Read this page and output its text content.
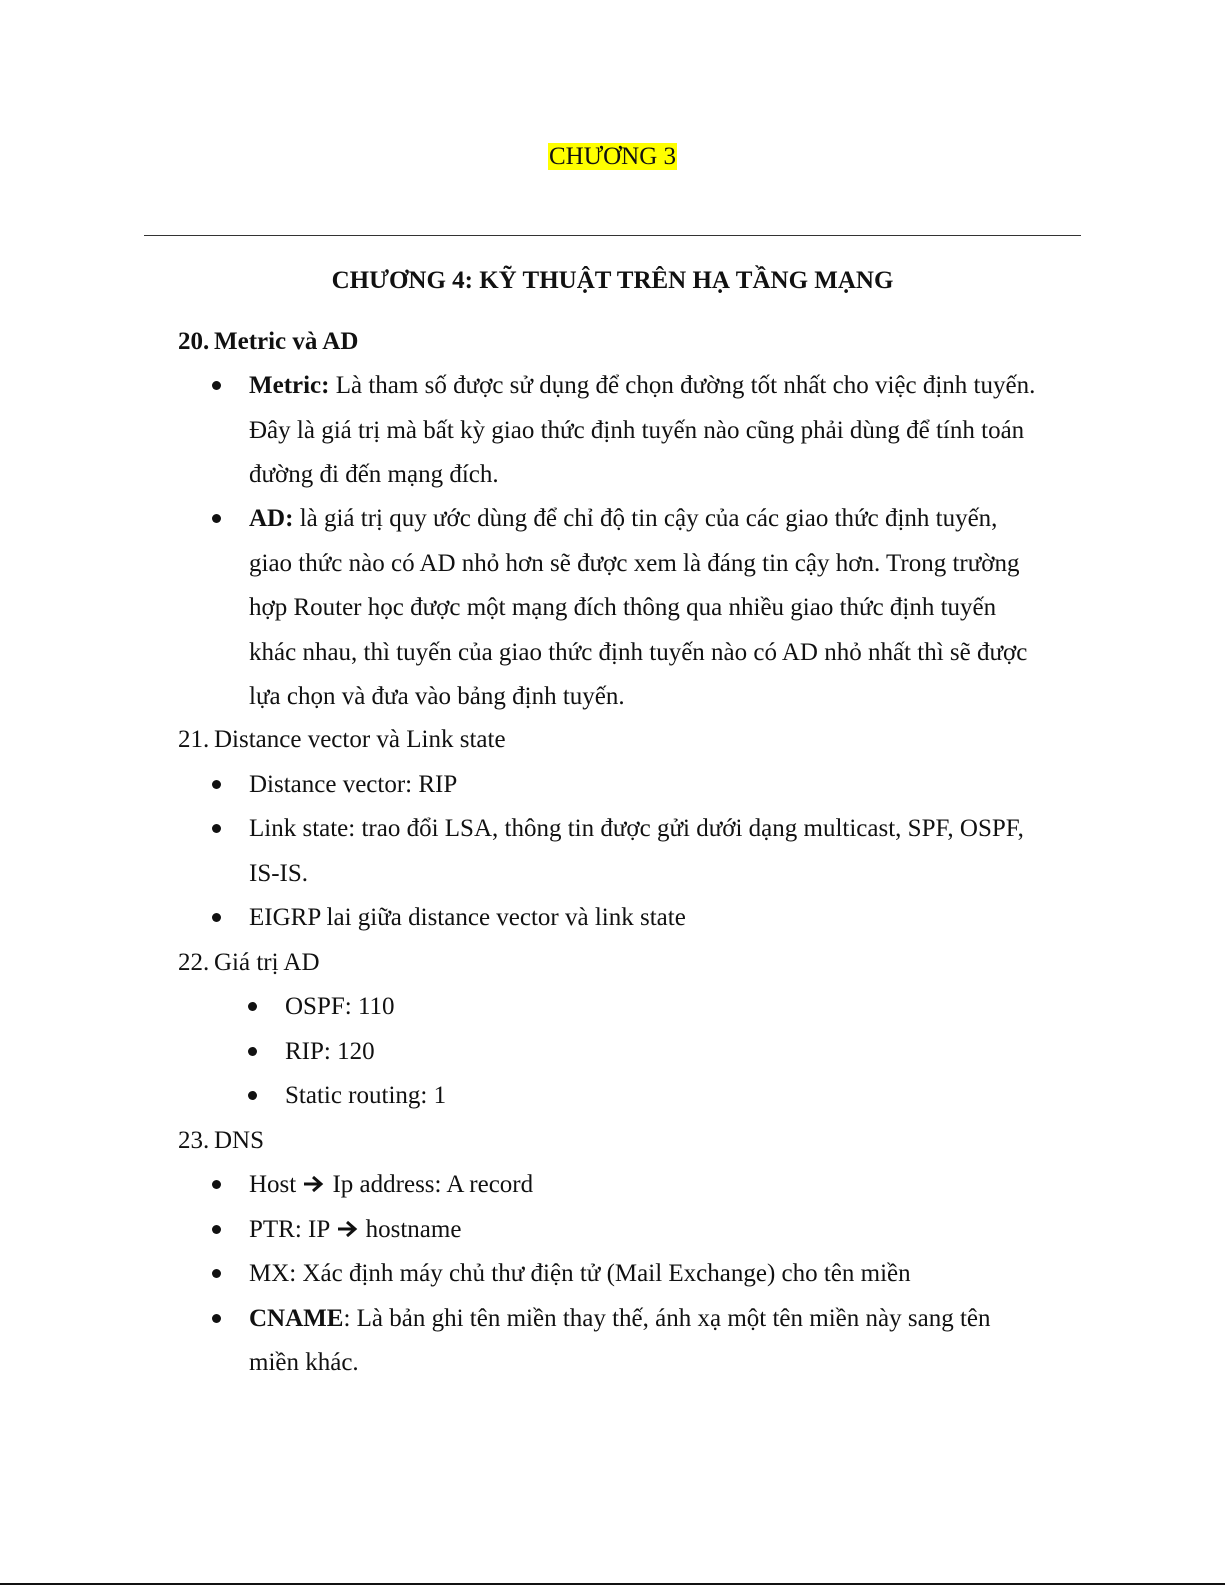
CHƯƠNG 3
CHƯƠNG 4: KỸ THUẬT TRÊN HẠ TẦNG MẠNG
20. Metric và AD
Metric: Là tham số được sử dụng để chọn đường tốt nhất cho việc định tuyến.
Đây là giá trị mà bất kỳ giao thức định tuyến nào cũng phải dùng để tính toán
đường đi đến mạng đích.
AD: là giá trị quy ước dùng để chỉ độ tin cậy của các giao thức định tuyến,
giao thức nào có AD nhỏ hơn sẽ được xem là đáng tin cậy hơn. Trong trường
hợp Router học được một mạng đích thông qua nhiều giao thức định tuyến
khác nhau, thì tuyến của giao thức định tuyến nào có AD nhỏ nhất thì sẽ được
lựa chọn và đưa vào bảng định tuyến.
21. Distance vector và Link state
Distance vector: RIP
Link state: trao đổi LSA, thông tin được gửi dưới dạng multicast, SPF, OSPF,
IS-IS.
EIGRP lai giữa distance vector và link state
22. Giá trị AD
OSPF: 110
RIP: 120
Static routing: 1
23. DNS
Host Ip address: A record
PTR: IP hostname
MX: Xác định máy chủ thư điện tử (Mail Exchange) cho tên miền
CNAME: Là bản ghi tên miền thay thế, ánh xạ một tên miền này sang tên
miền khác.
